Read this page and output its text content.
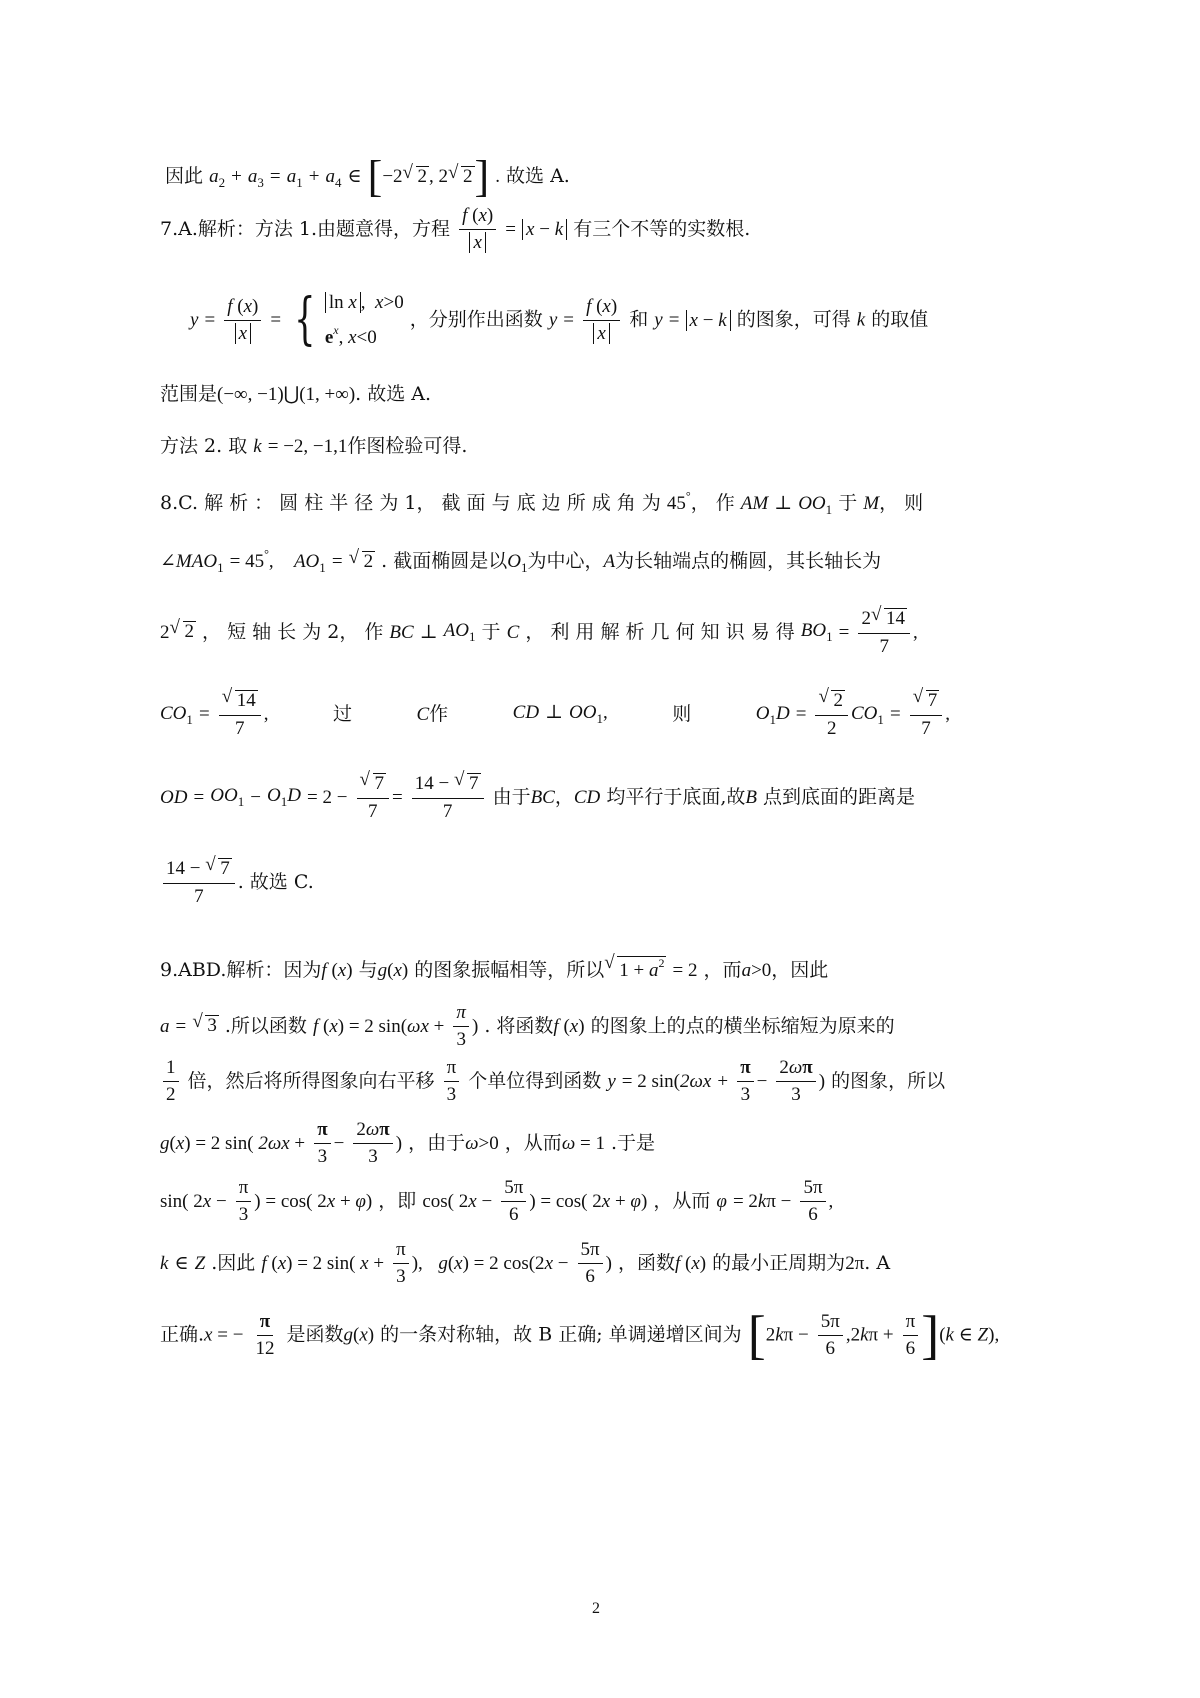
因此 $a_2 + a_3 = a_1 + a_4$ ∈ [−2 √ 2 , 2 √ 2] . 故选 A.
7.A.解析：方法 1.由题意得，方程 $\frac{f (x)}{x} = x - k$ 有三个不等的实数根.
$y = \frac{f (x)}{x}$ = { ln x ,  x>0
$e^x$, x<0
，分别作出函数 $y = \frac{f (x)}{x}$ 和 y = x − k 的图象，可得 k 的取值
范围是(−∞, −1)⋃(1, +∞). 故选 A.
方法 2. 取 k = −2, −1,1作图检验可得.
8.C. 解 析 ： 圆 柱 半 径 为 1， 截 面 与 底 边 所 成 角 为 45°， 作 AM ⊥ $OO_1$ 于 M， 则
$\angle MAO_1 = 45^\circ$,    $AO_1$ = √ 2 . 截面椭圆是以$O_1$为中心，A为长轴端点的椭圆，其长轴长为
2 √ 2 ， 短 轴 长 为 2， 作 BC ⊥ $AO_1$ 于 C ， 利 用 解 析 几 何 知 识 易 得 $BO_1 = \frac{2 √ 14}{7}$ ,
$CO_1$ = √ $\frac{14}{7}$ ,	过	C作	CD ⊥ $OO_1$,	则	$O_1D$ = √ $\frac{2}{2} CO_1$ = √ $\frac{7}{7}$ ,
OD = $OO_1 - O_1D = 2$ − √ $\frac{7}{7} = \frac{14 - √ 7}{7}$ 由于BC，CD 均平行于底面,故B 点到底面的距离是
$\frac{14 - √ 7}{7}$ . 故选 C.
9.ABD.解析：因为f (x) 与g(x) 的图象振幅相等，所以 √ $1 + a^2 = 2$ ，而a>0，因此
a = √ 3 .所以函数 f (x) = 2 $\sin(\omega x + \frac{\pi}{3}$ ) . 将函数f (x) 的图象上的点的横坐标缩短为原来的
$\frac{1}{2}$ 倍，然后将所得图象向右平移 $\frac{\pi}{3}$ 个单位得到函数 y = 2 $\sin(2\omega x + \frac{\pi}{3} - \frac{2\omega\pi}{3}$ ) 的图象，所以
g(x) = 2 sin( $2\omega x + \frac{\pi}{3} - \frac{2\omega\pi}{3}$ ) ，由于ω>0 ，从而ω = 1 .于是
sin( $2x - \frac{\pi}{3}$ ) = cos( 2x + φ) ，即 cos( $2x - \frac{5\pi}{6}$ ) = cos( 2x + φ) ，从而 $\varphi = 2k\pi - \frac{5\pi}{6}$ ,
k ∈ Z .因此 f (x) = 2 sin( $x + \frac{\pi}{3}$ ),   g(x) = 2 $\cos(2x - \frac{5\pi}{6}$ ) ，函数f (x) 的最小正周期为2π. A
正确.x = − $\frac{\pi}{12}$ 是函数g(x) 的一条对称轴，故 B 正确; 单调递增区间为 $[2k\pi - \frac{5\pi}{6} ,2k\pi + \frac{\pi}{6} ](k$ ∈ Z),
2
